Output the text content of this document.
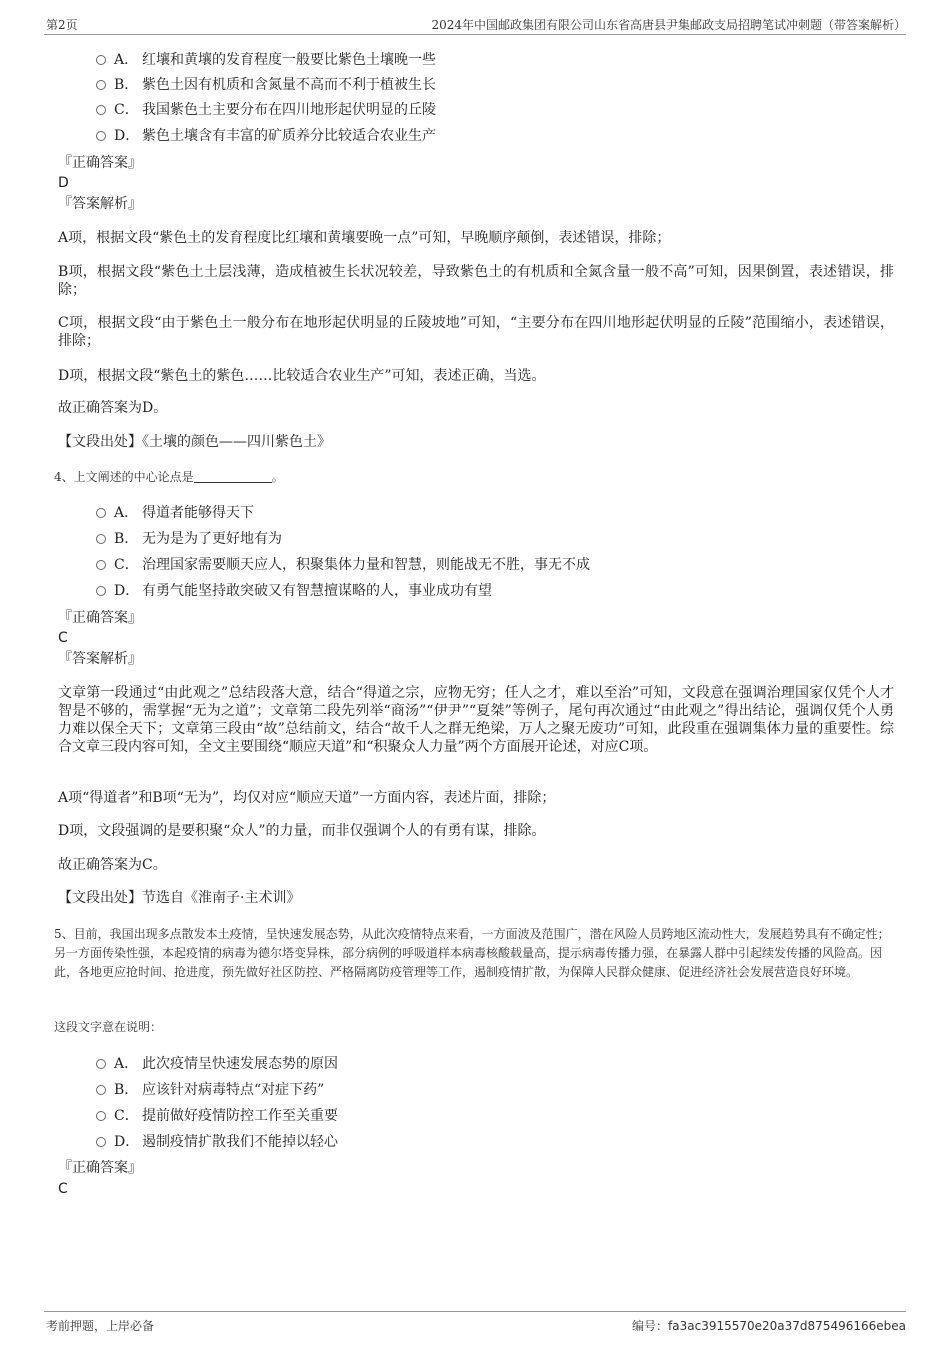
第2页	2024年中国邮政集团有限公司山东省高唐县尹集邮政支局招聘笔试冲刺题（带答案解析）
A． 红壤和黄壤的发育程度一般要比紫色土壤晚一些
B． 紫色土因有机质和含氮量不高而不利于植被生长
C． 我国紫色土主要分布在四川地形起伏明显的丘陵
D． 紫色土壤含有丰富的矿质养分比较适合农业生产
『正确答案』
D
『答案解析』
A项，根据文段“紫色土的发育程度比红壤和黄壤要晚一点”可知，早晚顺序颠倒，表述错误，排除；
B项，根据文段“紫色土土层浅薄，造成植被生长状况较差，导致紫色土的有机质和全氮含量一般不高”可知，因果倒置，表述错误，排除；
C项，根据文段“由于紫色土一般分布在地形起伏明显的丘陵坡地”可知，“主要分布在四川地形起伏明显的丘陵”范围缩小，表述错误，排除；
D项，根据文段“紫色土的紫色……比较适合农业生产”可知，表述正确，当选。
故正确答案为D。
【文段出处】《土壤的颜色——四川紫色土》
4、上文阐述的中心论点是	。
A． 得道者能够得天下
B． 无为是为了更好地有为
C． 治理国家需要顺天应人，积聚集体力量和智慧，则能战无不胜，事无不成
D． 有勇气能坚持敢突破又有智慧擅谋略的人，事业成功有望
『正确答案』
C
『答案解析』
文章第一段通过“由此观之”总结段落大意，结合“得道之宗，应物无穷；任人之才，难以至治”可知，文段意在强调治理国家仅凭个人才智是不够的，需掌握“无为之道”；文章第二段先列举“商汤”“伊尹”“夏桀”等例子，尾句再次通过“由此观之”得出结论，强调仅凭个人勇力难以保全天下；文章第三段由“故”总结前文，结合“故千人之群无绝梁，万人之聚无废功”可知，此段重在强调集体力量的重要性。综合文章三段内容可知，全文主要围绕“顺应天道”和“积聚众人力量”两个方面展开论述，对应C项。
A项“得道者”和B项“无为”，均仅对应“顺应天道”一方面内容，表述片面，排除；
D项，文段强调的是要积聚“众人”的力量，而非仅强调个人的有勇有谋，排除。
故正确答案为C。
【文段出处】节选自《淮南子·主术训》
5、目前，我国出现多点散发本土疫情，呈快速发展态势，从此次疫情特点来看，一方面波及范围广，潜在风险人员跨地区流动性大，发展趋势具有不确定性；另一方面传染性强，本起疫情的病毒为德尔塔变异株，部分病例的呼吸道样本病毒核酸载量高，提示病毒传播力强，在暴露人群中引起续发传播的风险高。因此，各地更应抢时间、抢进度，预先做好社区防控、严格隔离防疫管理等工作，遏制疫情扩散，为保障人民群众健康、促进经济社会发展营造良好环境。
这段文字意在说明：
A． 此次疫情呈快速发展态势的原因
B． 应该针对病毒特点“对症下药”
C． 提前做好疫情防控工作至关重要
D． 遏制疫情扩散我们不能掉以轻心
『正确答案』
C
考前押题，上岸必备	编号：fa3ac3915570e20a37d875496166ebea
